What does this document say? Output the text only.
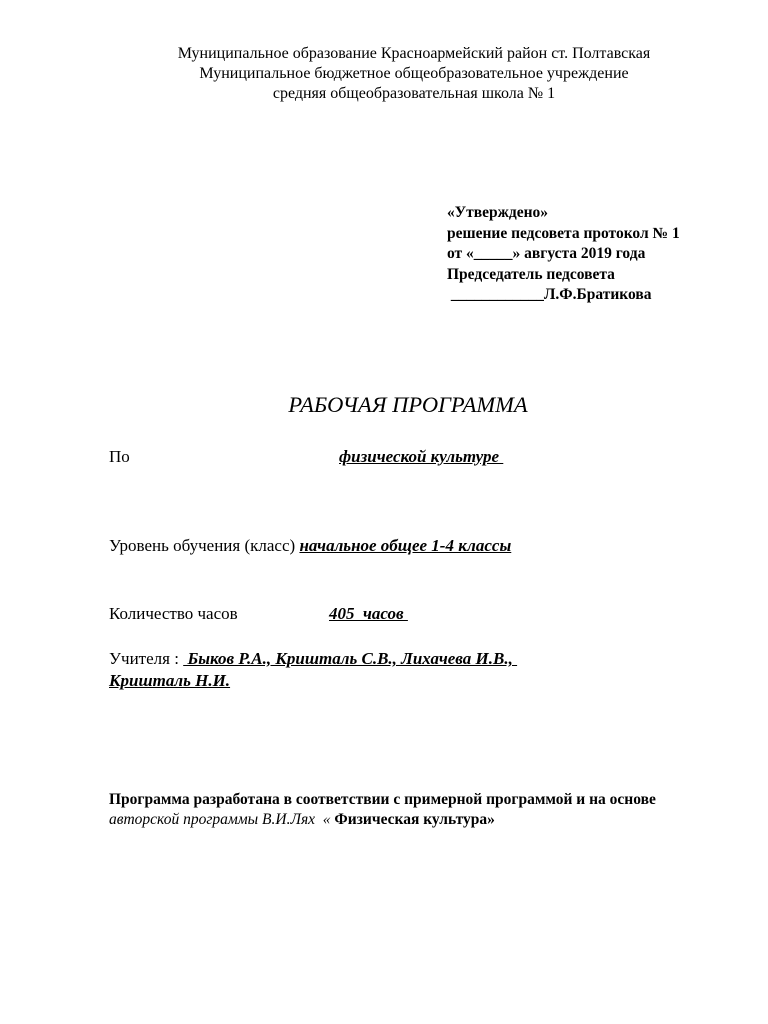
Муниципальное образование Красноармейский район ст. Полтавская
Муниципальное бюджетное общеобразовательное учреждение
средняя общеобразовательная школа № 1
«Утверждено»
решение педсовета протокол № 1
от «_____» августа 2019 года
Председатель педсовета
____________Л.Ф.Братикова
РАБОЧАЯ ПРОГРАММА
По	физической культуре
Уровень обучения (класс) начальное общее 1-4 классы
Количество часов	405  часов
Учителя :  Быков Р.А., Кришталь С.В., Лихачева И.В.,
Кришталь Н.И.
Программа разработана в соответствии с примерной программой и на основе
авторской программы В.И.Лях  « Физическая культура»
